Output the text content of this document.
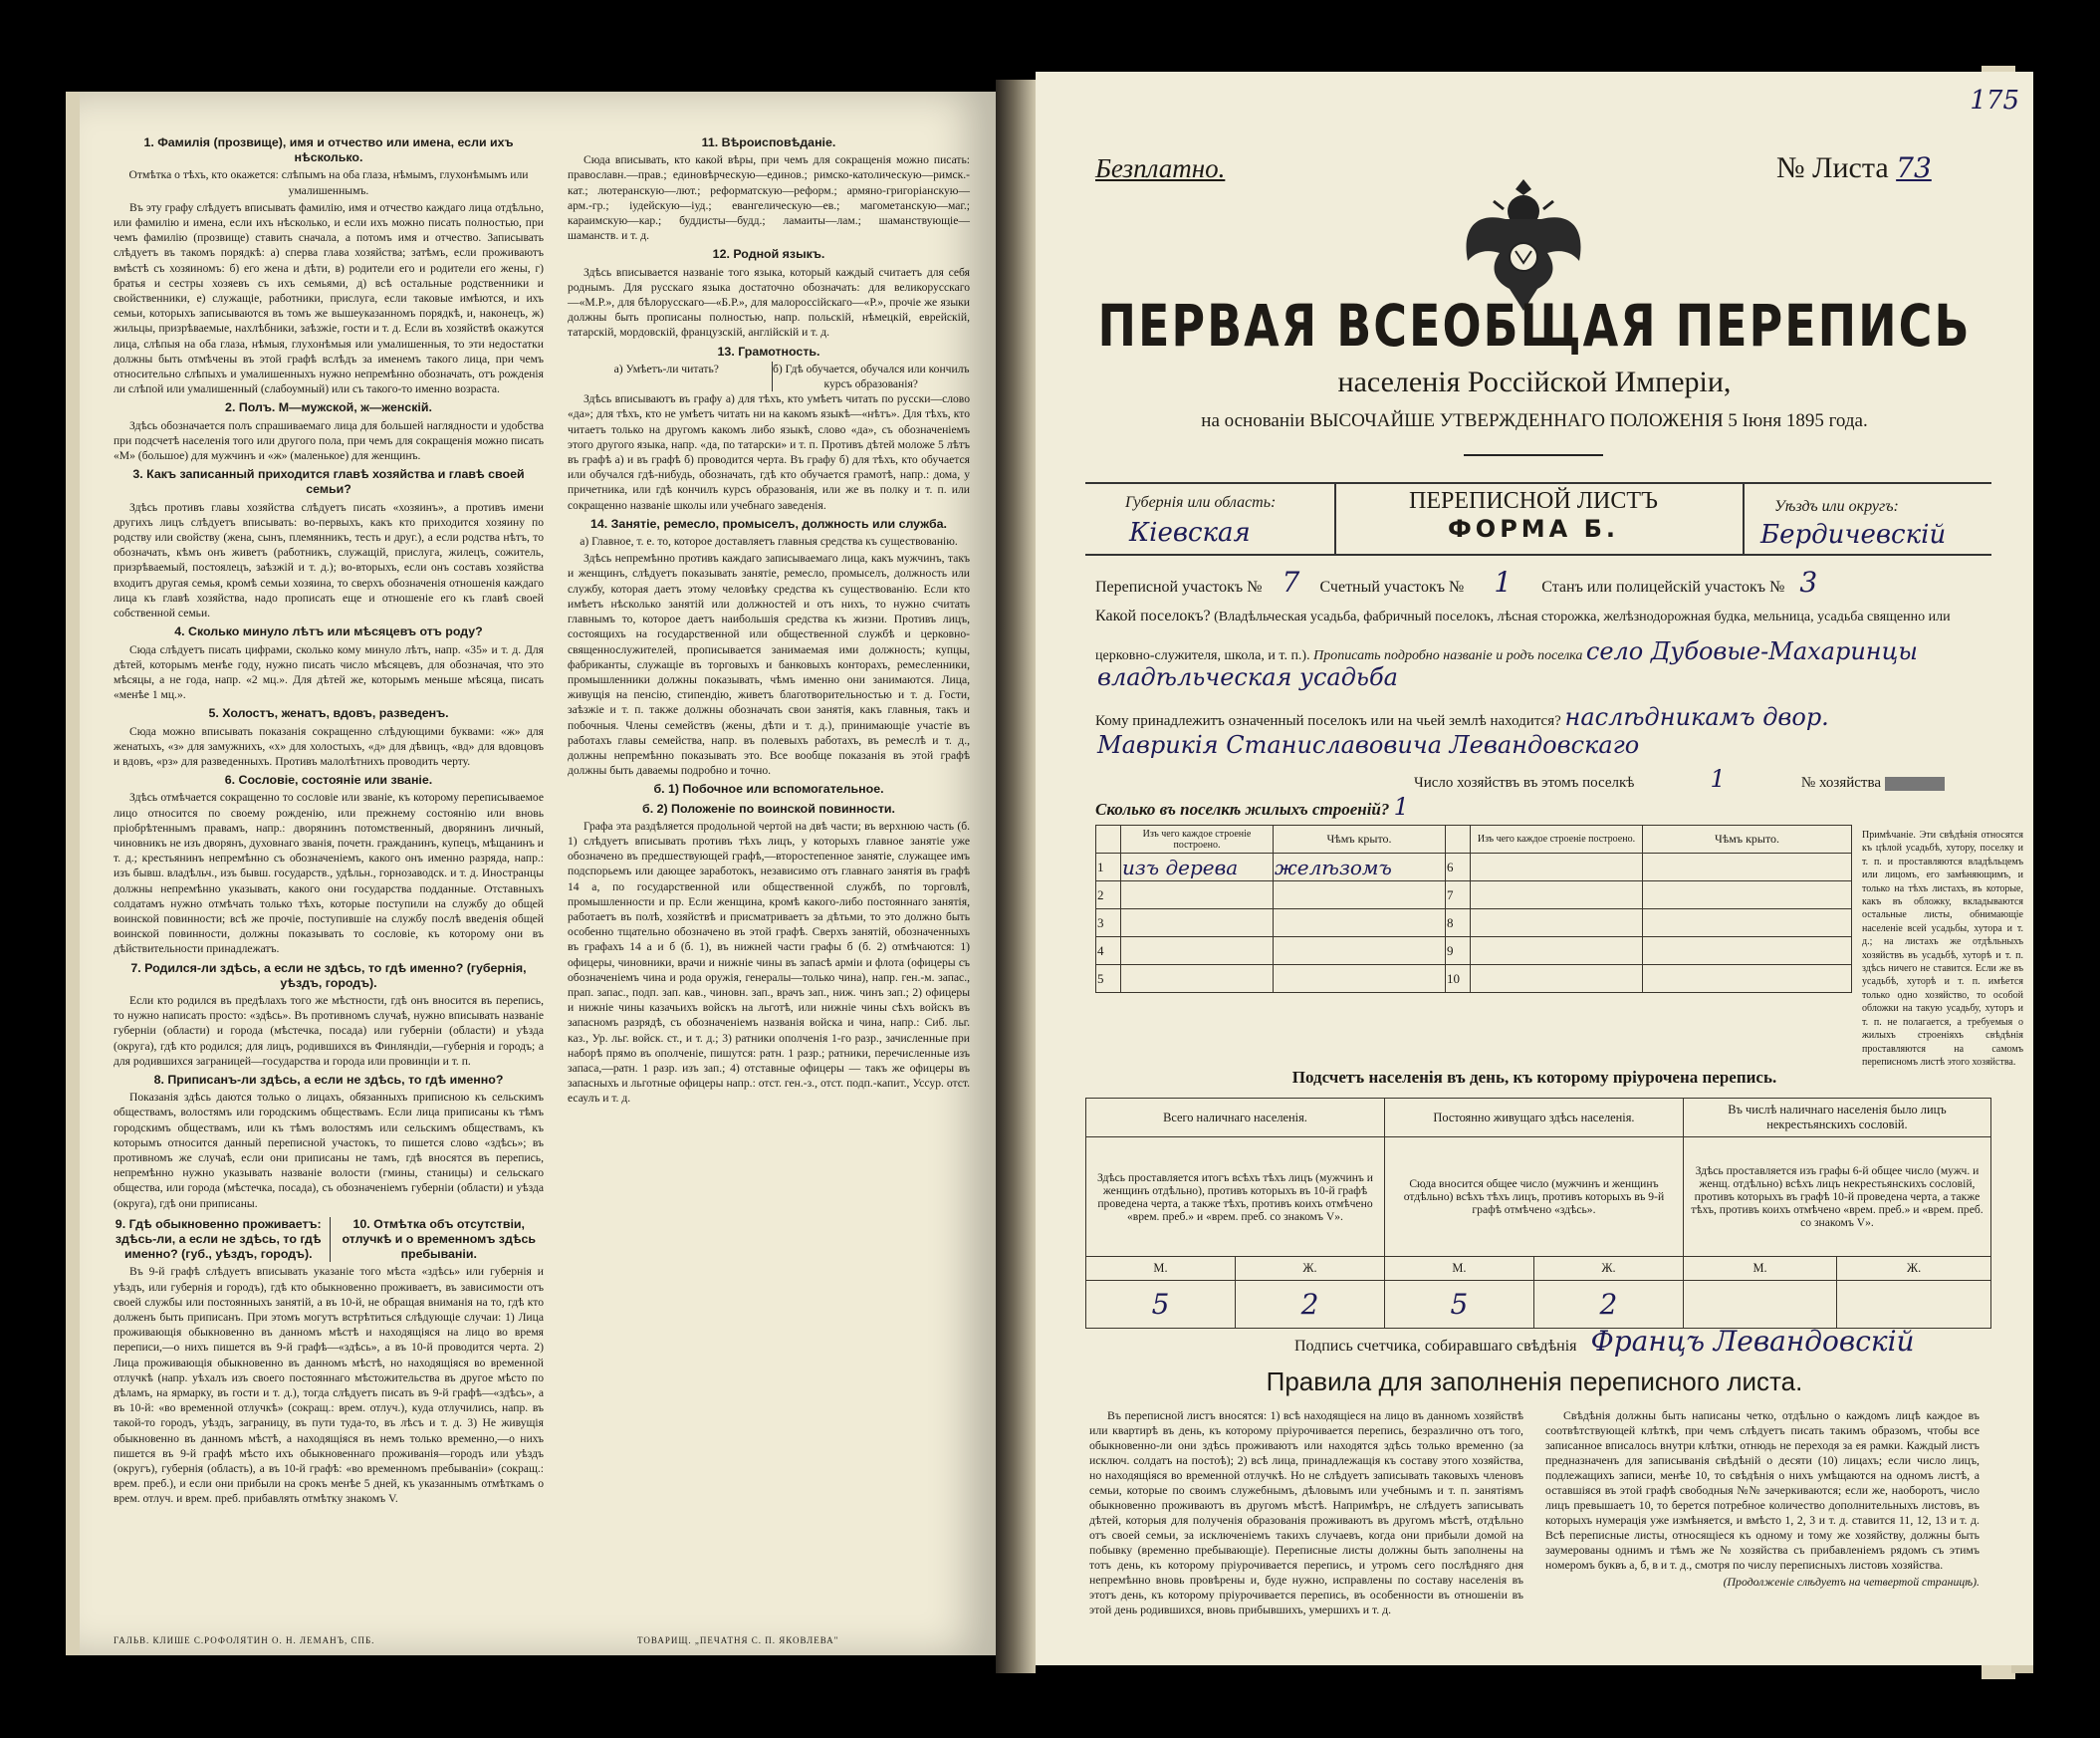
1. Фамилія (прозвище), имя и отчество или имена, если ихъ нѣсколько.
Отмѣтка о тѣхъ, кто окажется: слѣпымъ на оба глаза, нѣмымъ, глухонѣмымъ или умалишеннымъ.

Въ эту графу слѣдуетъ вписывать фамилію, имя и отчество каждаго лица отдѣльно, или фамилію и имена, если ихъ нѣсколько, и если ихъ можно писать полностью, при чемъ фамилію (прозвище) ставить сначала, а потомъ имя и отчество. Записывать слѣдуетъ въ такомъ порядкѣ: а) сперва глава хозяйства; затѣмъ, если проживаютъ вмѣстѣ съ хозяиномъ: б) его жена и дѣти, в) родители его и родители его жены, г) братья и сестры хозяевъ съ ихъ семьями, д) всѣ остальные родственники и свойственники, е) служащіе, работники, прислуга, если таковые имѣются, и ихъ семьи, которыхъ записываются въ томъ же вышеуказанномъ порядкѣ, и, наконецъ, ж) жильцы, призрѣваемые, нахлѣбники, заѣзжіе, гости и т. д. Если въ хозяйствѣ окажутся лица, слѣпыя на оба глаза, нѣмыя, глухонѣмыя или умалишенныя, то эти недостатки должны быть отмѣчены въ этой графѣ вслѣдъ за именемъ такого лица, при чемъ относительно слѣпыхъ и умалишенныхъ нужно непремѣнно обозначать, отъ рожденія ли слѣпой или умалишенный (слабоумный) или съ такого-то именно возраста.

2. Полъ. М—мужской, ж—женскій.

Здѣсь обозначается полъ спрашиваемаго лица для большей наглядности и удобства при подсчетѣ населенія того или другого пола, при чемъ для сокращенія можно писать «М» (большое) для мужчинъ и «ж» (маленькое) для женщинъ.

3. Какъ записанный приходится главѣ хозяйства и главѣ своей семьи?

Здѣсь противъ главы хозяйства слѣдуетъ писать «хозяинъ», а противъ имени другихъ лицъ слѣдуетъ вписывать: во-первыхъ, какъ кто приходится хозяину по родству или свойству (жена, сынъ, племянникъ, тесть и друг.), а если родства нѣтъ, то обозначать, кѣмъ онъ живетъ (работникъ, служащій, прислуга, жилецъ, сожитель, призрѣваемый, постоялецъ, заѣзжій и т. д.); во-вторыхъ, если онъ составъ хозяйства входитъ другая семья, кромѣ семьи хозяина, то сверхъ обозначенія отношенія каждаго лица къ главѣ хозяйства, надо прописать еще и отношеніе его къ главѣ своей собственной семьи.

4. Сколько минуло лѣтъ или мѣсяцевъ отъ роду?

Сюда слѣдуетъ писать цифрами, сколько кому минуло лѣтъ, напр. «35» и т. д. Для дѣтей, которымъ менѣе году, нужно писать число мѣсяцевъ, для обозначая, что это мѣсяцы, а не года, напр. «2 мц.». Для дѣтей же, которымъ меньше мѣсяца, писать «менѣе 1 мц.».

5. Холостъ, женатъ, вдовъ, разведенъ.

Сюда можно вписывать показанія сокращенно слѣдующими буквами: «ж» для женатыхъ, «з» для замужнихъ, «х» для холостыхъ, «д» для дѣвицъ, «вд» для вдовцовъ и вдовъ, «рз» для разведенныхъ. Противъ малолѣтнихъ проводить черту.

6. Сословіе, состояніе или званіе.

Здѣсь отмѣчается сокращенно то сословіе или званіе, къ которому переписываемое лицо относится по своему рожденію, или прежнему состоянію или вновь пріобрѣтеннымъ правамъ, напр.: дворянинъ потомственный, дворянинъ личный, чиновникъ не изъ дворянъ, духовнаго званія, почетн. гражданинъ, купецъ, мѣщанинъ и т. д.; крестьянинъ непремѣнно съ обозначеніемъ, какого онъ именно разряда, напр.: изъ бывш. владѣльч., изъ бывш. государств., удѣльн., горнозаводск. и т. д. Иностранцы должны непремѣнно указывать, какого они государства подданные. Отставныхъ солдатамъ нужно отмѣчать только тѣхъ, которые поступили на службу до общей воинской повинности; всѣ же прочіе, поступившіе на службу послѣ введенія общей воинской повинности, должны показывать то сословіе, къ которому они въ дѣйствительности принадлежатъ.

7. Родился-ли здѣсь, а если не здѣсь, то гдѣ именно? (губернія, уѣздъ, городъ).

Если кто родился въ предѣлахъ того же мѣстности, гдѣ онъ вносится въ перепись, то нужно написать просто: «здѣсь». Въ противномъ случаѣ, нужно вписывать названіе губерніи (области) и города (мѣстечка, посада) или губерніи (области) и уѣзда (округа), гдѣ кто родился; для лицъ, родившихся въ Финляндіи,—губернія и городъ; а для родившихся заграницей—государства и города или провинціи и т. п.

8. Приписанъ-ли здѣсь, а если не здѣсь, то гдѣ именно?

Показанія здѣсь даются только о лицахъ, обязанныхъ приписною къ сельскимъ обществамъ, волостямъ или городскимъ обществамъ. Если лица приписаны къ тѣмъ городскимъ обществамъ, или къ тѣмъ волостямъ или сельскимъ обществамъ, къ которымъ относится данный переписной участокъ, то пишется слово «здѣсь»; въ противномъ же случаѣ, если они приписаны не тамъ, гдѣ вносятся въ перепись, непремѣнно нужно указывать названіе волости (гмины, станицы) и сельскаго общества, или города (мѣстечка, посада), съ обозначеніемъ губерніи (области) и уѣзда (округа), гдѣ они приписаны.

9. Гдѣ обыкновенно проживаетъ: здѣсь-ли, а если не здѣсь, то гдѣ именно? (губ., уѣздъ, городъ).
10. Отмѣтка объ отсутствіи, отлучкѣ и о временномъ здѣсь пребываніи.

Въ 9-й графѣ слѣдуетъ вписывать указаніе того мѣста «здѣсь» или губернія и уѣздъ, или губернія и городъ), гдѣ кто обыкновенно проживаетъ, въ зависимости отъ своей службы или постоянныхъ занятій, а въ 10-й, не обращая вниманія на то, гдѣ кто долженъ быть приписанъ. При этомъ могутъ встрѣтиться слѣдующіе случаи: 1) Лица проживающія обыкновенно въ данномъ мѣстѣ и находящіяся на лицо во время переписи,—о нихъ пишется въ 9-й графѣ—«здѣсь», а въ 10-й проводится черта. 2) Лица проживающія обыкновенно въ данномъ мѣстѣ, но находящіяся во временной отлучкѣ (напр. уѣхалъ изъ своего постояннаго мѣстожительства въ другое мѣсто по дѣламъ, на ярмарку, въ гости и т. д.), тогда слѣдуетъ писать въ 9-й графѣ—«здѣсь», а въ 10-й: «во временной отлучкѣ» (сокращ.: врем. отлуч.), куда отлучились, напр. въ такой-то городъ, уѣздъ, заграницу, въ пути туда-то, въ лѣсъ и т. д. 3) Не живущія обыкновенно въ данномъ мѣстѣ, а находящіяся въ немъ только временно,—о нихъ пишется въ 9-й графѣ мѣсто ихъ обыкновеннаго проживанія—городъ или уѣздъ (округъ), губернія (область), а въ 10-й графѣ: «во временномъ пребываніи» (сокращ.: врем. преб.), и если они прибыли на срокъ менѣе 5 дней, къ указаннымъ отмѣткамъ о врем. отлуч. и врем. преб. прибавлять отмѣтку знакомъ V.

11. Вѣроисповѣданіе.

Сюда вписывать, кто какой вѣры, при чемъ для сокращенія можно писать: православн.—прав.; единовѣрческую—единов.; римско-католическую—римск.-кат.; лютеранскую—лют.; реформатскую—реформ.; армяно-григоріанскую—арм.-гр.; іудейскую—іуд.; евангелическую—ев.; магометанскую—маг.; караимскую—кар.; буддисты—будд.; ламаиты—лам.; шаманствующіе—шаманств. и т. д.

12. Родной языкъ.

Здѣсь вписывается названіе того языка, который каждый считаетъ для себя роднымъ. Для русскаго языка достаточно обозначать: для великорусскаго—«М.Р.», для бѣлорусскаго—«Б.Р.», для малороссійскаго—«Р.», прочіе же языки должны быть прописаны полностью, напр. польскій, нѣмецкій, еврейскій, татарскій, мордовскій, французскій, англійскій и т. д.

13. Грамотность.
а) Умѣетъ-ли читать?	б) Гдѣ обучается, обучался или кончилъ курсъ образованія?

Здѣсь вписываютъ въ графу а) для тѣхъ, кто умѣетъ читать по русски—слово «да»; для тѣхъ, кто не умѣетъ читать ни на какомъ языкѣ—«нѣтъ». Для тѣхъ, кто читаетъ только на другомъ какомъ либо языкѣ, слово «да», съ обозначеніемъ этого другого языка, напр. «да, по татарски» и т. п. Противъ дѣтей моложе 5 лѣтъ въ графѣ а) и въ графѣ б) проводится черта. Въ графу б) для тѣхъ, кто обучается или обучался гдѣ-нибудь, обозначать, гдѣ кто обучается грамотѣ, напр.: дома, у причетника, или гдѣ кончилъ курсъ образованія, или же въ полку и т. п. или сокращенно названіе школы или учебнаго заведенія.

14. Занятіе, ремесло, промыселъ, должность или служба.
а) Главное, т. е. то, которое доставляетъ главныя средства къ существованію.

Здѣсь непремѣнно противъ каждаго записываемаго лица, какъ мужчинъ, такъ и женщинъ, слѣдуетъ показывать занятіе, ремесло, промыселъ, должность или службу, которая даетъ этому человѣку средства къ существованію. Если кто имѣетъ нѣсколько занятій или должностей и отъ нихъ, то нужно считать главнымъ то, которое даетъ наибольшія средства къ жизни. Противъ лицъ, состоящихъ на государственной или общественной службѣ и церковно-священнослужителей, прописывается занимаемая ими должность; купцы, фабриканты, служащіе въ торговыхъ и банковыхъ конторахъ, ремесленники, промышленники должны показывать, чѣмъ именно они занимаются. Лица, живущія на пенсію, стипендію, живетъ благотворительностью и т. д. Гости, заѣзжіе и т. п. также должны обозначать свои занятія, какъ главныя, такъ и побочныя. Члены семействъ (жены, дѣти и т. д.), принимающіе участіе въ работахъ главы семейства, напр. въ полевыхъ работахъ, въ ремеслѣ и т. д., должны непремѣнно показывать это. Все вообще показанія въ этой графѣ должны быть даваемы подробно и точно.

б. 1) Побочное или вспомогательное.
б. 2) Положеніе по воинской повинности.

Графа эта раздѣляется продольной чертой на двѣ части; въ верхнюю часть (б. 1) слѣдуетъ вписывать противъ тѣхъ лицъ, у которыхъ главное занятіе уже обозначено въ предшествующей графѣ,—второстепенное занятіе, служащее имъ подспорьемъ или дающее заработокъ, независимо отъ главнаго занятія въ графѣ 14 а, по государственной или общественной службѣ, по торговлѣ, промышленности и пр. Если женщина, кромѣ какого-либо постояннаго занятія, работаетъ въ полѣ, хозяйствѣ и присматриваетъ за дѣтьми, то это должно быть особенно тщательно обозначено въ этой графѣ. Сверхъ занятій, обозначенныхъ въ графахъ 14 а и б (б. 1), въ нижней части графы б (б. 2) отмѣчаются: 1) офицеры, чиновники, врачи и нижніе чины въ запасѣ арміи и флота (офицеры съ обозначеніемъ чина и рода оружія, генералы—только чина), напр. ген.-м. запас., прап. запас., подп. зап. кав., чиновн. зап., врачъ зап., ниж. чинъ зап.; 2) офицеры и нижніе чины казачьихъ войскъ на льготѣ, или нижніе чины сѣхъ войскъ въ запасномъ разрядѣ, съ обозначеніемъ названія войска и чина, напр.: Сиб. льг. каз., Ур. льг. войск. ст., и т. д.; 3) ратники ополченія 1-го разр., зачисленные при наборѣ прямо въ ополченіе, пишутся: ратн. 1 разр.; ратники, перечисленные изъ запаса,—ратн. 1 разр. изъ зап.; 4) отставные офицеры — такъ же офицеры въ запасныхъ и льготные офицеры напр.: отст. ген.-з., отст. подп.-капит., Уссур. отст. есаулъ и т. д.

ГАЛЬВ. КЛИШЕ С.РОФОЛЯТИН О. Н. ЛЕМАНЪ, СПБ.	ТОВАРИЩ. „ПЕЧАТНЯ С. П. ЯКОВЛЕВА"
175
Безплатно.	№ Листа 73
ПЕРВАЯ ВСЕОБЩАЯ ПЕРЕПИСЬ
населенія Россійской Имперіи,
на основаніи ВЫСОЧАЙШЕ УТВЕРЖДЕННАГО ПОЛОЖЕНІЯ 5 Іюня 1895 года.
Губернія или область:
Кіевская
ПЕРЕПИСНОЙ ЛИСТЪ
ФОРМА Б.
Уѣздъ или округъ:
Бердичевскій
Переписной участокъ № 7 Счетный участокъ № 1 Станъ или полицейскій участокъ № 3
Какой поселокъ? (Владѣльческая усадьба, фабричный поселокъ, лѣсная сторожка, желѣзнодорожная будка, мельница, усадьба священно или
церковно-служителя, школа, и т. п.). Прописать подробно названіе и родъ поселка село Дубовые-Махаринцы
владѣльческая усадьба
Кому принадлежитъ означенный поселокъ или на чьей землѣ находится? наслѣдникамъ двор.
Маврикія Станиславовича Левандовскаго
Число хозяйствъ въ этомъ поселкѣ	1	№ хозяйства
Сколько въ поселкѣ жилыхъ строеній? 1
	Изъ чего каждое строеніе построено.	Чѣмъ крыто.		Изъ чего каждое строеніе построено.	Чѣмъ крыто.
1	изъ дерева	желѣзомъ	6		
2			7		
3			8		
4			9		
5			10		
Примѣчаніе. Эти свѣдѣнія относятся къ цѣлой усадьбѣ, хутору, поселку и т. п. и проставляются владѣльцемъ или лицомъ, его замѣняющимъ, и только на тѣхъ листахъ, въ которые, какъ въ обложку, вкладываются остальные листы, обнимающіе населеніе всей усадьбы, хутора и т. д.; на листахъ же отдѣльныхъ хозяйствъ въ усадьбѣ, хуторѣ и т. п. здѣсь ничего не ставится. Если же въ усадьбѣ, хуторѣ и т. п. имѣется только одно хозяйство, то особой обложки на такую усадьбу, хуторъ и т. п. не полагается, а требуемыя о жилыхъ строеніяхъ свѣдѣнія проставляются на самомъ переписномъ листѣ этого хозяйства.
Подсчетъ населенія въ день, къ которому пріурочена перепись.
Всего наличнаго населенія.		Постоянно живущаго здѣсь населенія.		Въ числѣ наличнаго населенія было лицъ некрестьянскихъ сословій.	
Здѣсь проставляется итогъ всѣхъ тѣхъ лицъ (мужчинъ и женщинъ отдѣльно), противъ которыхъ въ 10-й графѣ проведена черта, а также тѣхъ, противъ коихъ отмѣчено «врем. преб.» и «врем. преб. со знакомъ V».		Сюда вносится общее число (мужчинъ и женщинъ отдѣльно) всѣхъ тѣхъ лицъ, противъ которыхъ въ 9-й графѣ отмѣчено «здѣсь».		Здѣсь проставляется изъ графы 6-й общее число (мужч. и женщ. отдѣльно) всѣхъ лицъ некрестьянскихъ сословій, противъ которыхъ въ графѣ 10-й проведена черта, а также тѣхъ, противъ коихъ отмѣчено «врем. преб.» и «врем. преб. со знакомъ V».	
М.	Ж.	М.	Ж.	М.	Ж.
5	2	5	2		
Подпись счетчика, собиравшаго свѣдѣнія Францъ Левандовскій
Правила для заполненія переписного листа.

Въ переписной листъ вносятся: 1) всѣ находящіеся на лицо въ данномъ хозяйствѣ или квартирѣ въ день, къ которому пріурочивается перепись, безразлично отъ того, обыкновенно-ли они здѣсь проживаютъ или находятся здѣсь только временно (за исключ. солдатъ на постоѣ); 2) всѣ лица, принадлежащія къ составу этого хозяйства, но находящіяся во временной отлучкѣ. Но не слѣдуетъ записывать таковыхъ членовъ семьи, которые по своимъ служебнымъ, дѣловымъ или учебнымъ и т. п. занятіямъ обыкновенно проживаютъ въ другомъ мѣстѣ. Напримѣръ, не слѣдуетъ записывать дѣтей, которыя для полученія образованія проживаютъ въ другомъ мѣстѣ, отдѣльно отъ своей семьи, за исключеніемъ такихъ случаевъ, когда они прибыли домой на побывку (временно пребывающіе). Переписные листы должны быть заполнены на тотъ день, къ которому пріурочивается перепись, и утромъ сего послѣдняго дня непремѣнно вновь провѣрены и, буде нужно, исправлены по составу населенія въ этотъ день, къ которому пріурочивается перепись, въ особенности въ отношеніи въ этой день родившихся, вновь прибывшихъ, умершихъ и т. д.

Свѣдѣнія должны быть написаны четко, отдѣльно о каждомъ лицѣ каждое въ соотвѣтствующей клѣткѣ, при чемъ слѣдуетъ писать такимъ образомъ, чтобы все записанное вписалось внутри клѣтки, отнюдь не переходя за ея рамки. Каждый листъ предназначенъ для записыванія свѣдѣній о десяти (10) лицахъ; если число лицъ, подлежащихъ записи, менѣе 10, то свѣдѣнія о нихъ умѣщаются на одномъ листѣ, а оставшіяся въ этой графѣ свободныя №№ зачеркиваются; если же, наоборотъ, число лицъ превышаетъ 10, то берется потребное количество дополнительныхъ листовъ, въ которыхъ нумерація уже измѣняется, и вмѣсто 1, 2, 3 и т. д. ставится 11, 12, 13 и т. д. Всѣ переписные листы, относящіеся къ одному и тому же хозяйству, должны быть заумерованы однимъ и тѣмъ же № хозяйства съ прибавленіемъ рядомъ съ этимъ номеромъ буквъ а, б, в и т. д., смотря по числу переписныхъ листовъ хозяйства.

(Продолженіе слѣдуетъ на четвертой страницѣ).
